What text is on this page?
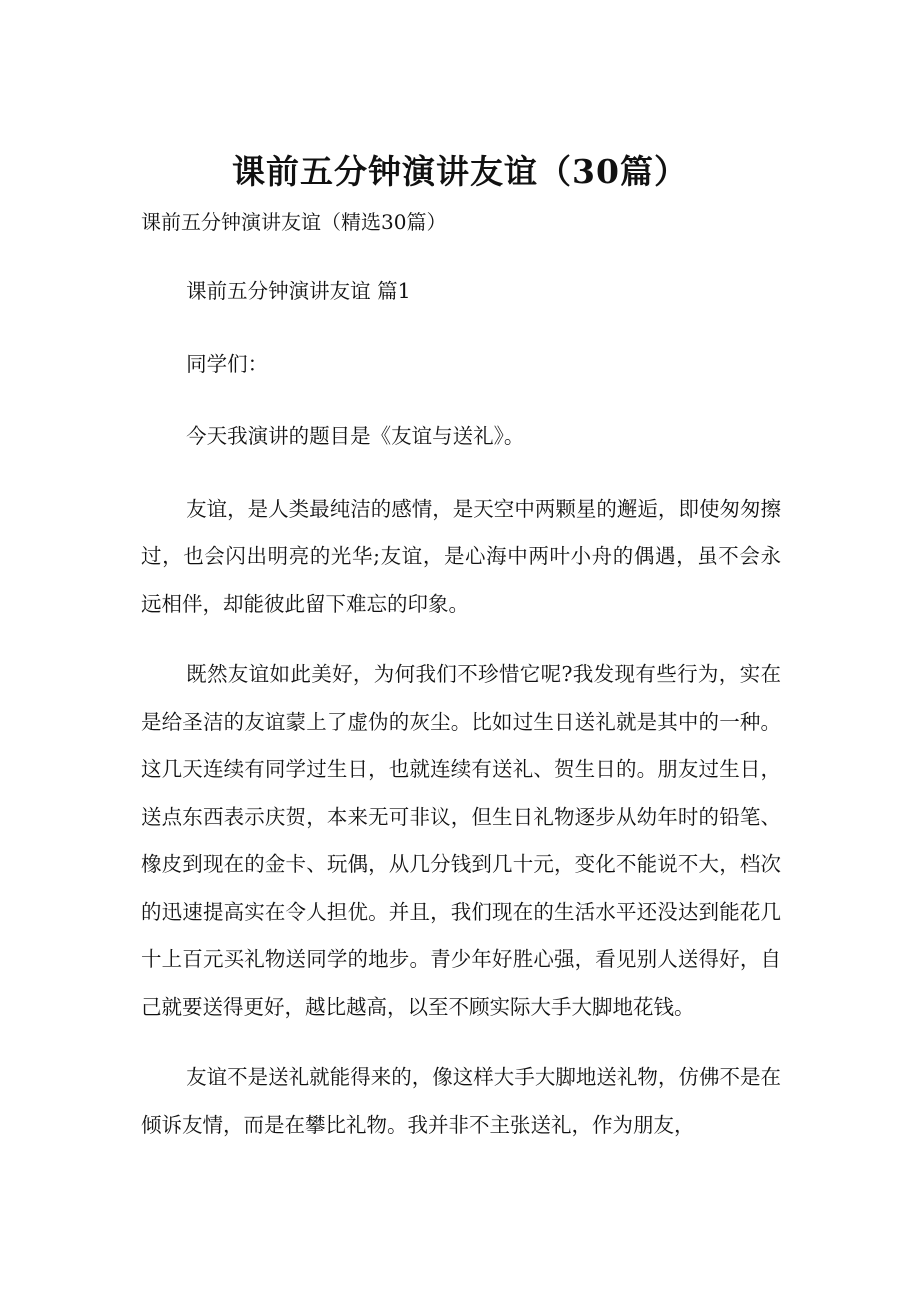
课前五分钟演讲友谊（30篇）
课前五分钟演讲友谊（精选30篇）

课前五分钟演讲友谊 篇1

同学们：

今天我演讲的题目是《友谊与送礼》。

友谊，是人类最纯洁的感情，是天空中两颗星的邂逅，即使匆匆擦过，也会闪出明亮的光华;友谊，是心海中两叶小舟的偶遇，虽不会永远相伴，却能彼此留下难忘的印象。

既然友谊如此美好，为何我们不珍惜它呢?我发现有些行为，实在是给圣洁的友谊蒙上了虚伪的灰尘。比如过生日送礼就是其中的一种。这几天连续有同学过生日，也就连续有送礼、贺生日的。朋友过生日，送点东西表示庆贺，本来无可非议，但生日礼物逐步从幼年时的铅笔、橡皮到现在的金卡、玩偶，从几分钱到几十元，变化不能说不大，档次的迅速提高实在令人担优。并且，我们现在的生活水平还没达到能花几十上百元买礼物送同学的地步。青少年好胜心强，看见别人送得好，自己就要送得更好，越比越高，以至不顾实际大手大脚地花钱。

友谊不是送礼就能得来的，像这样大手大脚地送礼物，仿佛不是在倾诉友情，而是在攀比礼物。我并非不主张送礼，作为朋友，
